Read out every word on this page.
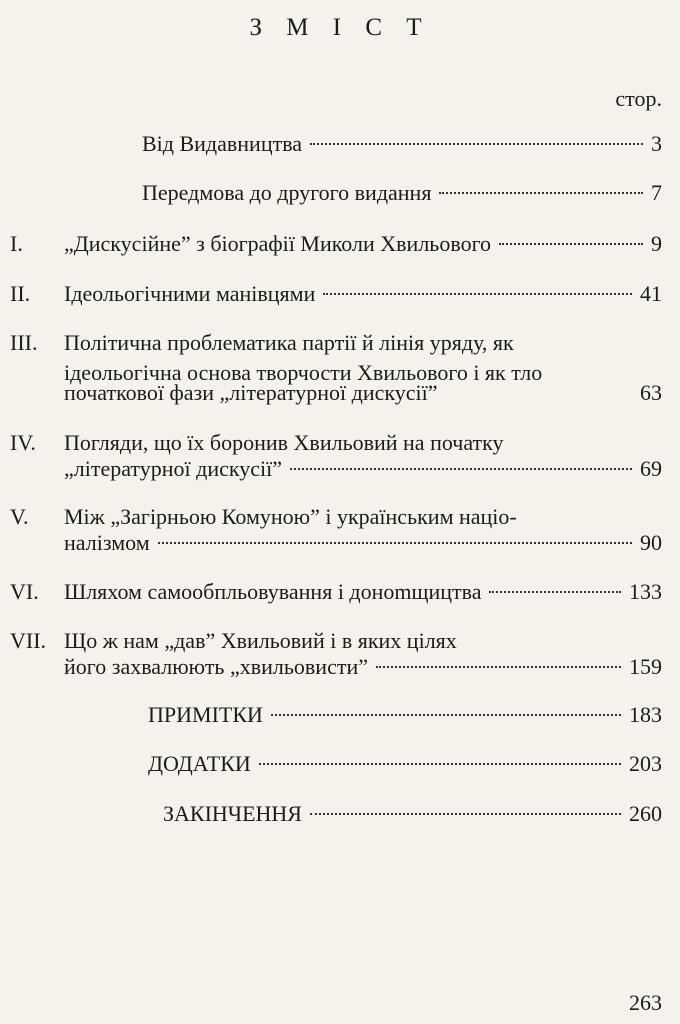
З М І С Т
стор.
Від Видавництва	3
Передмова до другого видання	7
I. „Дискусійне” з біографії Миколи Хвильового	9
II. Ідеольогічними манівцями	41
III. Політична проблематика партії й лінія уряду, як
ідеольогічна основа творчости Хвильового і як тло
початкової фази „літературної дискусії”	63
IV. Погляди, що їх боронив Хвильовий на початку
„літературної дискусії”	69
V. Між „Загірньою Комуною” і українським націо-
налізмом	90
VI. Шляхом самообпльовування і доноmщицтва	133
VII. Що ж нам „дав” Хвильовий і в яких цілях
його захвалюють „хвильовисти”	159
ПРИМІТКИ	183
ДОДАТКИ	203
ЗАКІНЧЕННЯ	260
263
